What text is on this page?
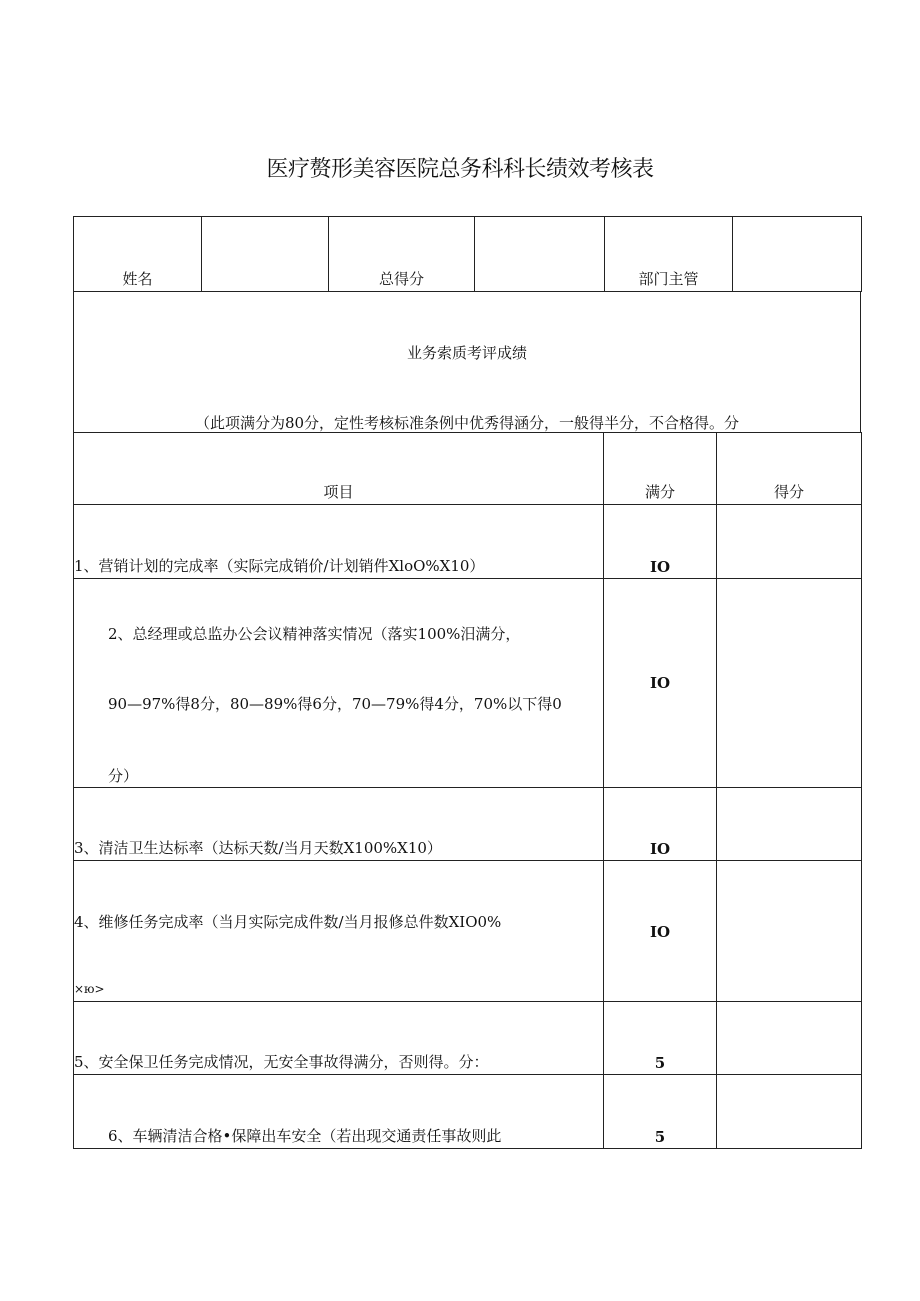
医疗赘形美容医院总务科科长绩效考核表
姓名		总得分		部门主管	
业务索质考评成绩
（此项满分为80分，定性考核标准条例中优秀得涵分，一般得半分，不合格得。分
项目	满分	得分
1、营销计划的完成率（实际完成销价/计划销件XloO%X10）	IO	

2、总经理或总监办公会议精神落实情况（落实100%汨满分，
90—97%得8分，80—89%得6分，70—79%得4分，70%以下得0
分）	IO	

3、清洁卫生达标率（达标天数/当月天数X100%X10）	IO	

4、维修任务完成率（当月实际完成件数/当月报修总件数XIO0%
×ю>	IO	

5、安全保卫任务完成情况，无安全事故得满分，否则得。分：	5	
6、车辆清洁合格•保障出车安全（若出现交通责任事故则此	5	
